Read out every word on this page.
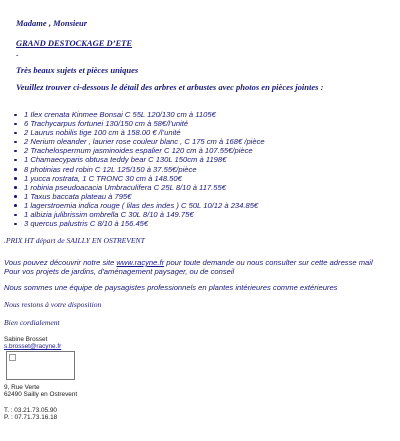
Madame , Monsieur
GRAND DESTOCKAGE D’ETE
-
Très beaux sujets et pièces uniques
Veuillez trouver ci-dessous le détail des arbres et arbustes avec photos en pièces jointes :
1 Ilex crenata Kinmee Bonsai C 55L 120/130 cm à 1105€
6 Trachycarpus fortunei 130/150 cm à 58€/l’unité
2 Laurus nobilis tige 100 cm à 158.00 € /l’unité
2 Nerium oleander , laurier rose couleur blanc , C 175 cm à 168€ /pièce
2 Trachelospermum jasminoides espalier C 120 cm à 107.55€/pièce
1 Chamaecyparis obtusa teddy bear C 130L 150cm à 1198€
8 photinias red robin C 12L 125/150 à 37.55€/pièce
1 yucca rostrata, 1 C TRONC 30 cm à 148.50€
1 robinia pseudoacacia Umbraculifera C 25L 8/10 à 117.55€
1 Taxus baccata plateau à 795€
1 lagerstroemia indica rouge ( lilas des indes ) C 50L 10/12 à 234.85€
1 albizia julibrissim ombrella C 30L 8/10 à 149.75€
3 quercus palustris C 8/10 à 156.45€
.PRIX HT départ de SAILLY EN OSTREVENT
Vous pouvez découvrir notre site www.racyne.fr pour toute demande ou nous consulter sur cette adresse mail
Pour vos projets de jardins, d'aménagement paysager, ou de conseil
Nous sommes une équipe de paysagistes professionnels en plantes intérieures comme extérieures
Nous restons à votre disposition
Bien cordialement
Sabine Brosset
s.brosset@racyne.fr
9, Rue Verte
62490 Sailly en Ostrevent
T. : 03.21.73.05.90
P. : 07.71.73.16.18
